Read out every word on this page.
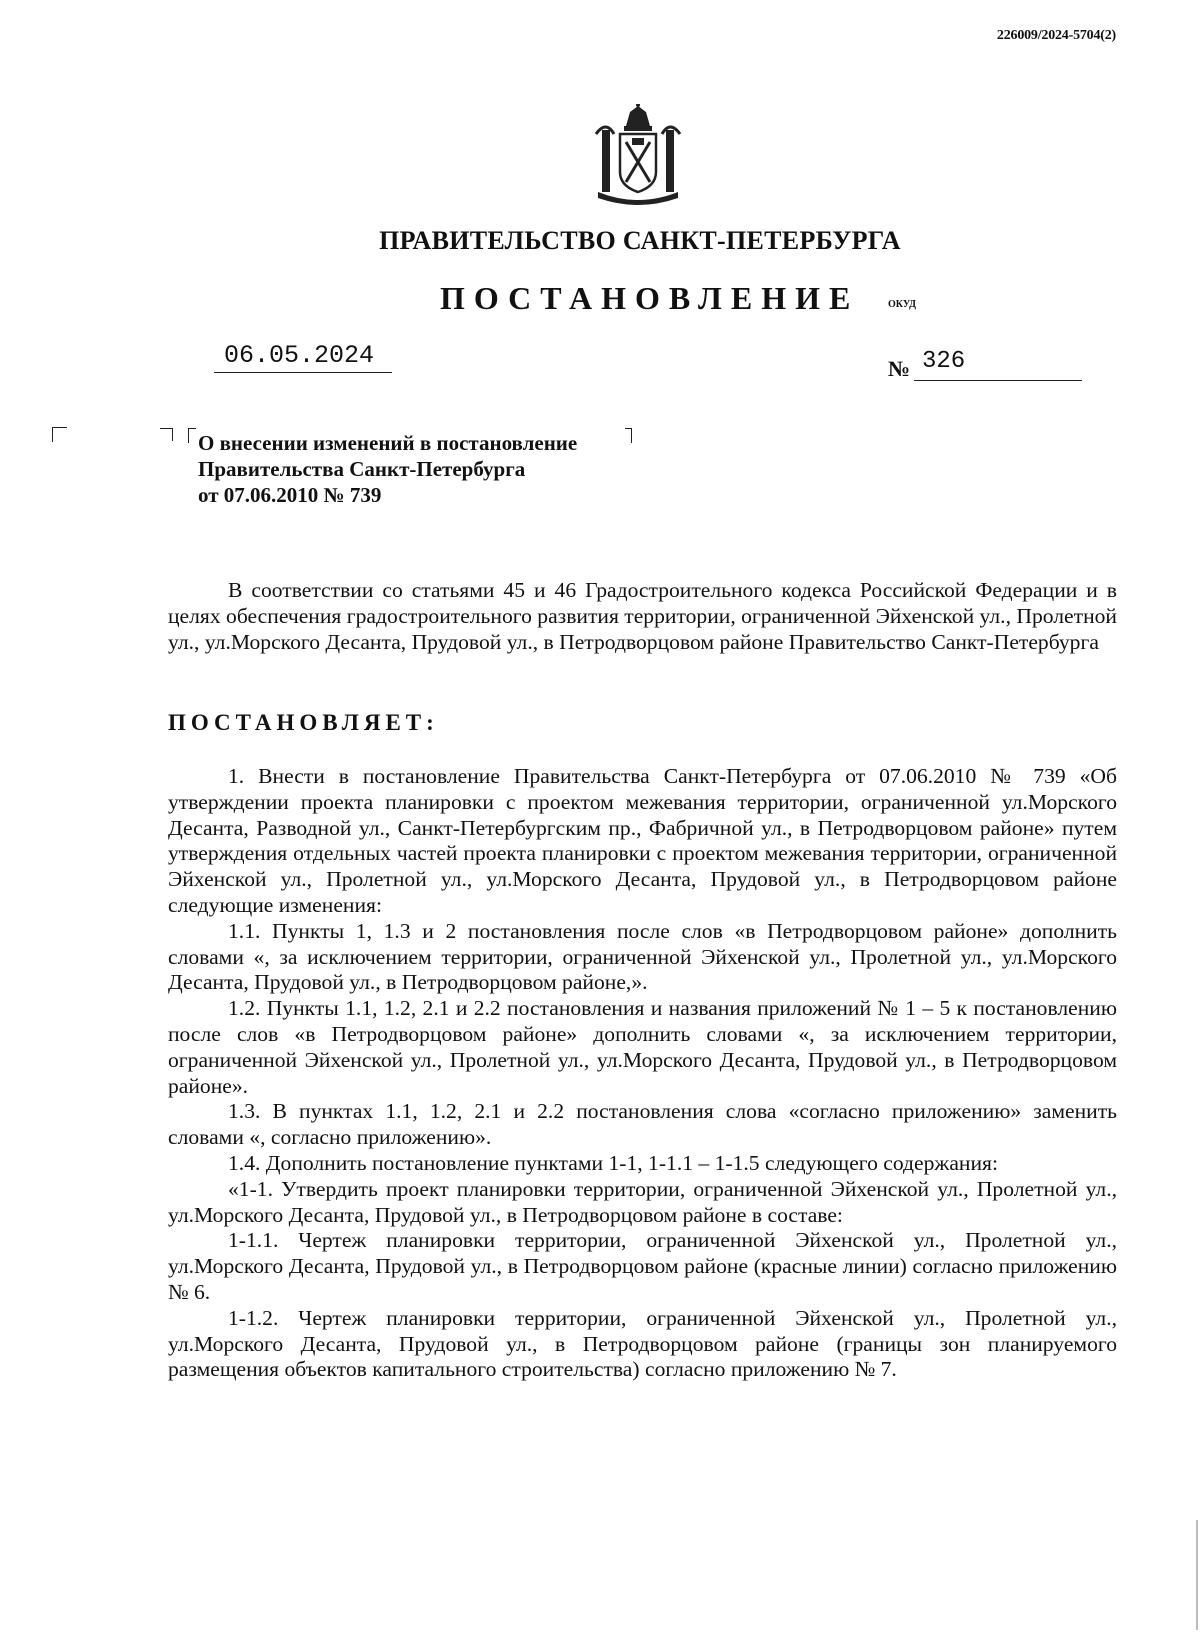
226009/2024-5704(2)
ПРАВИТЕЛЬСТВО САНКТ-ПЕТЕРБУРГА
ПОСТАНОВЛЕНИЕ	ОКУД
06.05.2024	№ 326
О внесении изменений в постановление
Правительства Санкт-Петербурга
от 07.06.2010 № 739

В соответствии со статьями 45 и 46 Градостроительного кодекса Российской Федерации и в целях обеспечения градостроительного развития территории, ограниченной Эйхенской ул., Пролетной ул., ул.Морского Десанта, Прудовой ул., в Петродворцовом районе Правительство Санкт-Петербурга

ПОСТАНОВЛЯЕТ:

1. Внести в постановление Правительства Санкт-Петербурга от 07.06.2010 № 739 «Об утверждении проекта планировки с проектом межевания территории, ограниченной ул.Морского Десанта, Разводной ул., Санкт-Петербургским пр., Фабричной ул., в Петродворцовом районе» путем утверждения отдельных частей проекта планировки с проектом межевания территории, ограниченной Эйхенской ул., Пролетной ул., ул.Морского Десанта, Прудовой ул., в Петродворцовом районе следующие изменения:

1.1. Пункты 1, 1.3 и 2 постановления после слов «в Петродворцовом районе» дополнить словами «, за исключением территории, ограниченной Эйхенской ул., Пролетной ул., ул.Морского Десанта, Прудовой ул., в Петродворцовом районе,».

1.2. Пункты 1.1, 1.2, 2.1 и 2.2 постановления и названия приложений № 1 – 5 к постановлению после слов «в Петродворцовом районе» дополнить словами «, за исключением территории, ограниченной Эйхенской ул., Пролетной ул., ул.Морского Десанта, Прудовой ул., в Петродворцовом районе».

1.3. В пунктах 1.1, 1.2, 2.1 и 2.2 постановления слова «согласно приложению» заменить словами «, согласно приложению».

1.4. Дополнить постановление пунктами 1-1, 1-1.1 – 1-1.5 следующего содержания:

«1-1. Утвердить проект планировки территории, ограниченной Эйхенской ул., Пролетной ул., ул.Морского Десанта, Прудовой ул., в Петродворцовом районе в составе:

1-1.1. Чертеж планировки территории, ограниченной Эйхенской ул., Пролетной ул., ул.Морского Десанта, Прудовой ул., в Петродворцовом районе (красные линии) согласно приложению № 6.

1-1.2. Чертеж планировки территории, ограниченной Эйхенской ул., Пролетной ул., ул.Морского Десанта, Прудовой ул., в Петродворцовом районе (границы зон планируемого размещения объектов капитального строительства) согласно приложению № 7.
